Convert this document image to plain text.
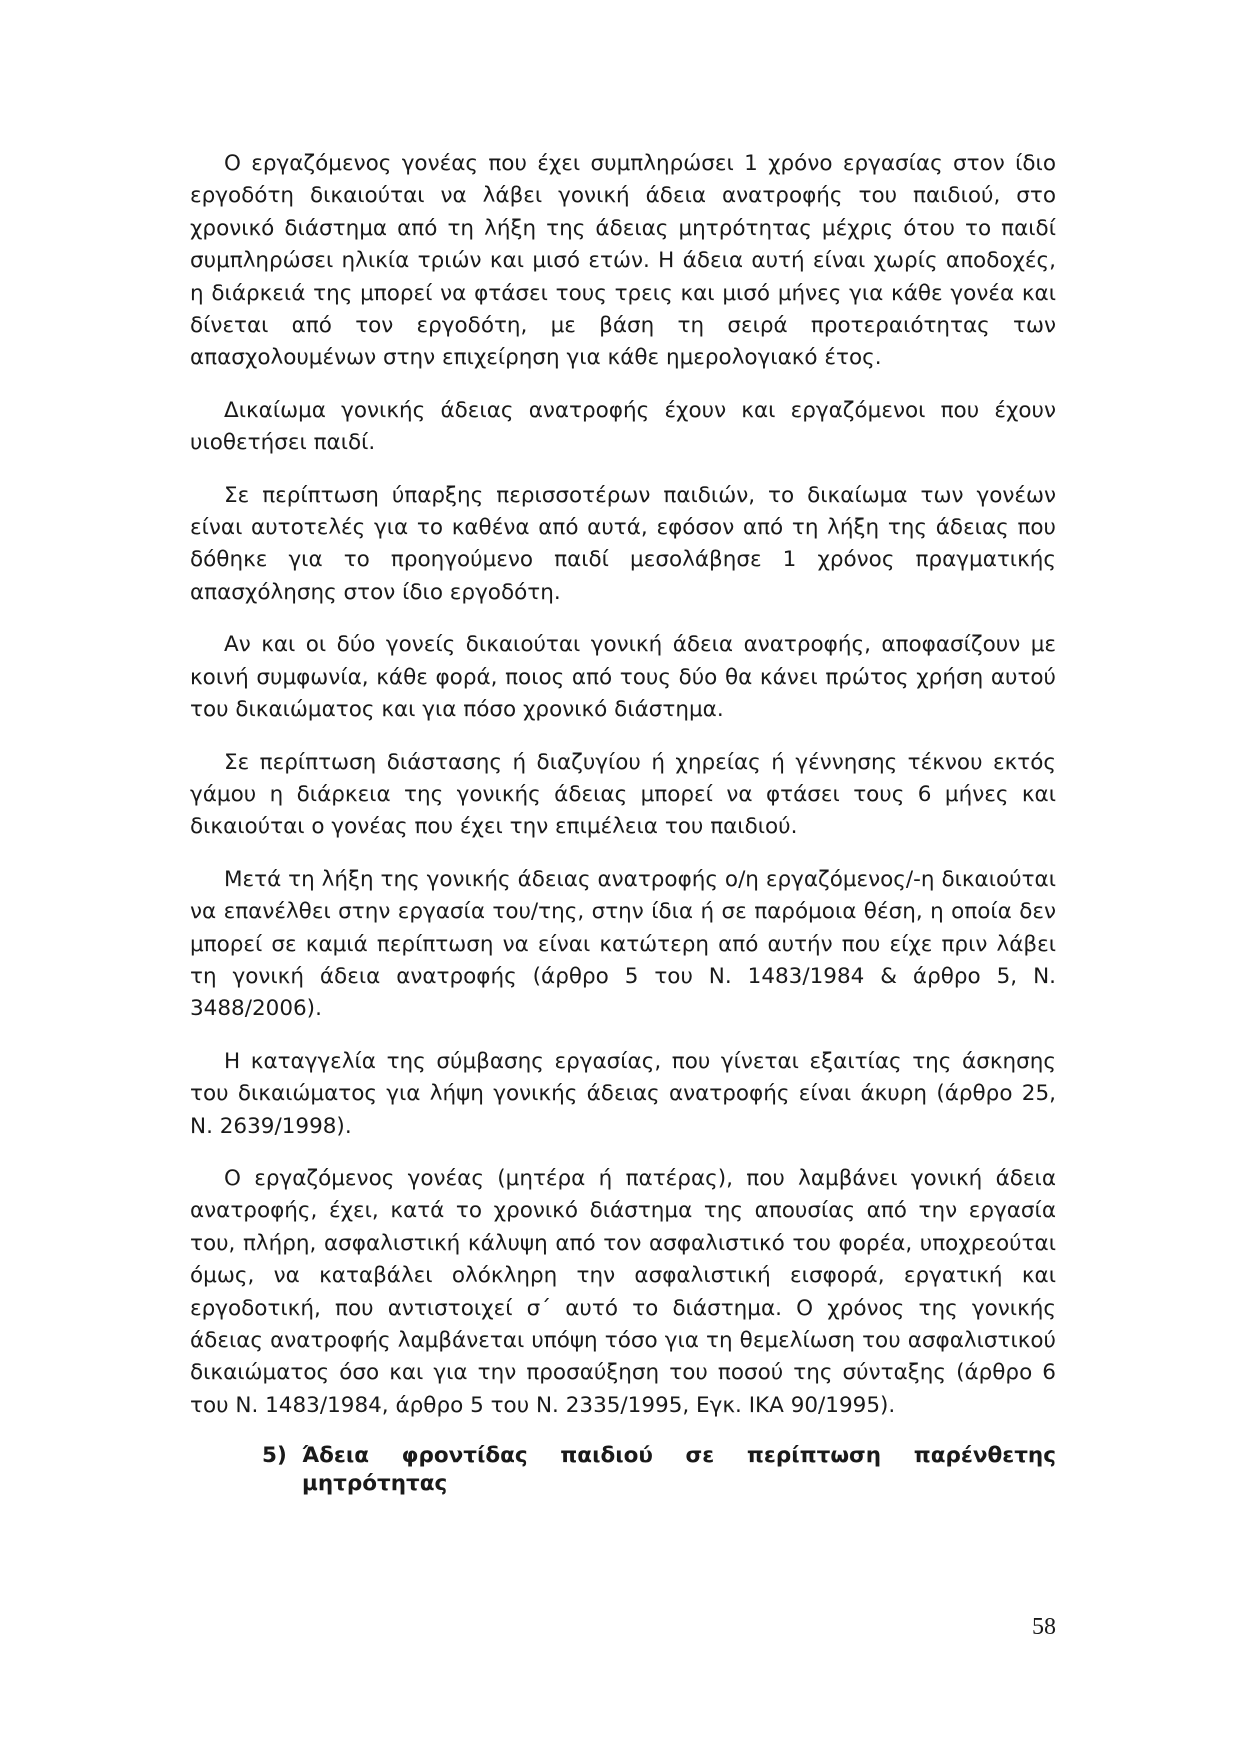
Ο εργαζόμενος γονέας που έχει συμπληρώσει 1 χρόνο εργασίας στον ίδιο εργοδότη δικαιούται να λάβει γονική άδεια ανατροφής του παιδιού, στο χρονικό διάστημα από τη λήξη της άδειας μητρότητας μέχρις ότου το παιδί συμπληρώσει ηλικία τριών και μισό ετών. Η άδεια αυτή είναι χωρίς αποδοχές, η διάρκειά της μπορεί να φτάσει τους τρεις και μισό μήνες για κάθε γονέα και δίνεται από τον εργοδότη, με βάση τη σειρά προτεραιότητας των απασχολουμένων στην επιχείρηση για κάθε ημερολογιακό έτος.

Δικαίωμα γονικής άδειας ανατροφής έχουν και εργαζόμενοι που έχουν υιοθετήσει παιδί.

Σε περίπτωση ύπαρξης περισσοτέρων παιδιών, το δικαίωμα των γονέων είναι αυτοτελές για το καθένα από αυτά, εφόσον από τη λήξη της άδειας που δόθηκε για το προηγούμενο παιδί μεσολάβησε 1 χρόνος πραγματικής απασχόλησης στον ίδιο εργοδότη.

Αν και οι δύο γονείς δικαιούται γονική άδεια ανατροφής, αποφασίζουν με κοινή συμφωνία, κάθε φορά, ποιος από τους δύο θα κάνει πρώτος χρήση αυτού του δικαιώματος και για πόσο χρονικό διάστημα.

Σε περίπτωση διάστασης ή διαζυγίου ή χηρείας ή γέννησης τέκνου εκτός γάμου η διάρκεια της γονικής άδειας μπορεί να φτάσει τους 6 μήνες και δικαιούται ο γονέας που έχει την επιμέλεια του παιδιού.

Μετά τη λήξη της γονικής άδειας ανατροφής ο/η εργαζόμενος/-η δικαιούται να επανέλθει στην εργασία του/της, στην ίδια ή σε παρόμοια θέση, η οποία δεν μπορεί σε καμιά περίπτωση να είναι κατώτερη από αυτήν που είχε πριν λάβει τη γονική άδεια ανατροφής (άρθρο 5 του Ν. 1483/1984 & άρθρο 5, Ν. 3488/2006).

Η καταγγελία της σύμβασης εργασίας, που γίνεται εξαιτίας της άσκησης του δικαιώματος για λήψη γονικής άδειας ανατροφής είναι άκυρη (άρθρο 25, Ν. 2639/1998).

Ο εργαζόμενος γονέας (μητέρα ή πατέρας), που λαμβάνει γονική άδεια ανατροφής, έχει, κατά το χρονικό διάστημα της απουσίας από την εργασία του, πλήρη, ασφαλιστική κάλυψη από τον ασφαλιστικό του φορέα, υποχρεούται όμως, να καταβάλει ολόκληρη την ασφαλιστική εισφορά, εργατική και εργοδοτική, που αντιστοιχεί σ΄ αυτό το διάστημα. Ο χρόνος της γονικής άδειας ανατροφής λαμβάνεται υπόψη τόσο για τη θεμελίωση του ασφαλιστικού δικαιώματος όσο και για την προσαύξηση του ποσού της σύνταξης (άρθρο 6 του Ν. 1483/1984, άρθρο 5 του Ν. 2335/1995, Εγκ. ΙΚΑ 90/1995).

5) Άδεια φροντίδας παιδιού σε περίπτωση παρένθετης μητρότητας
58
